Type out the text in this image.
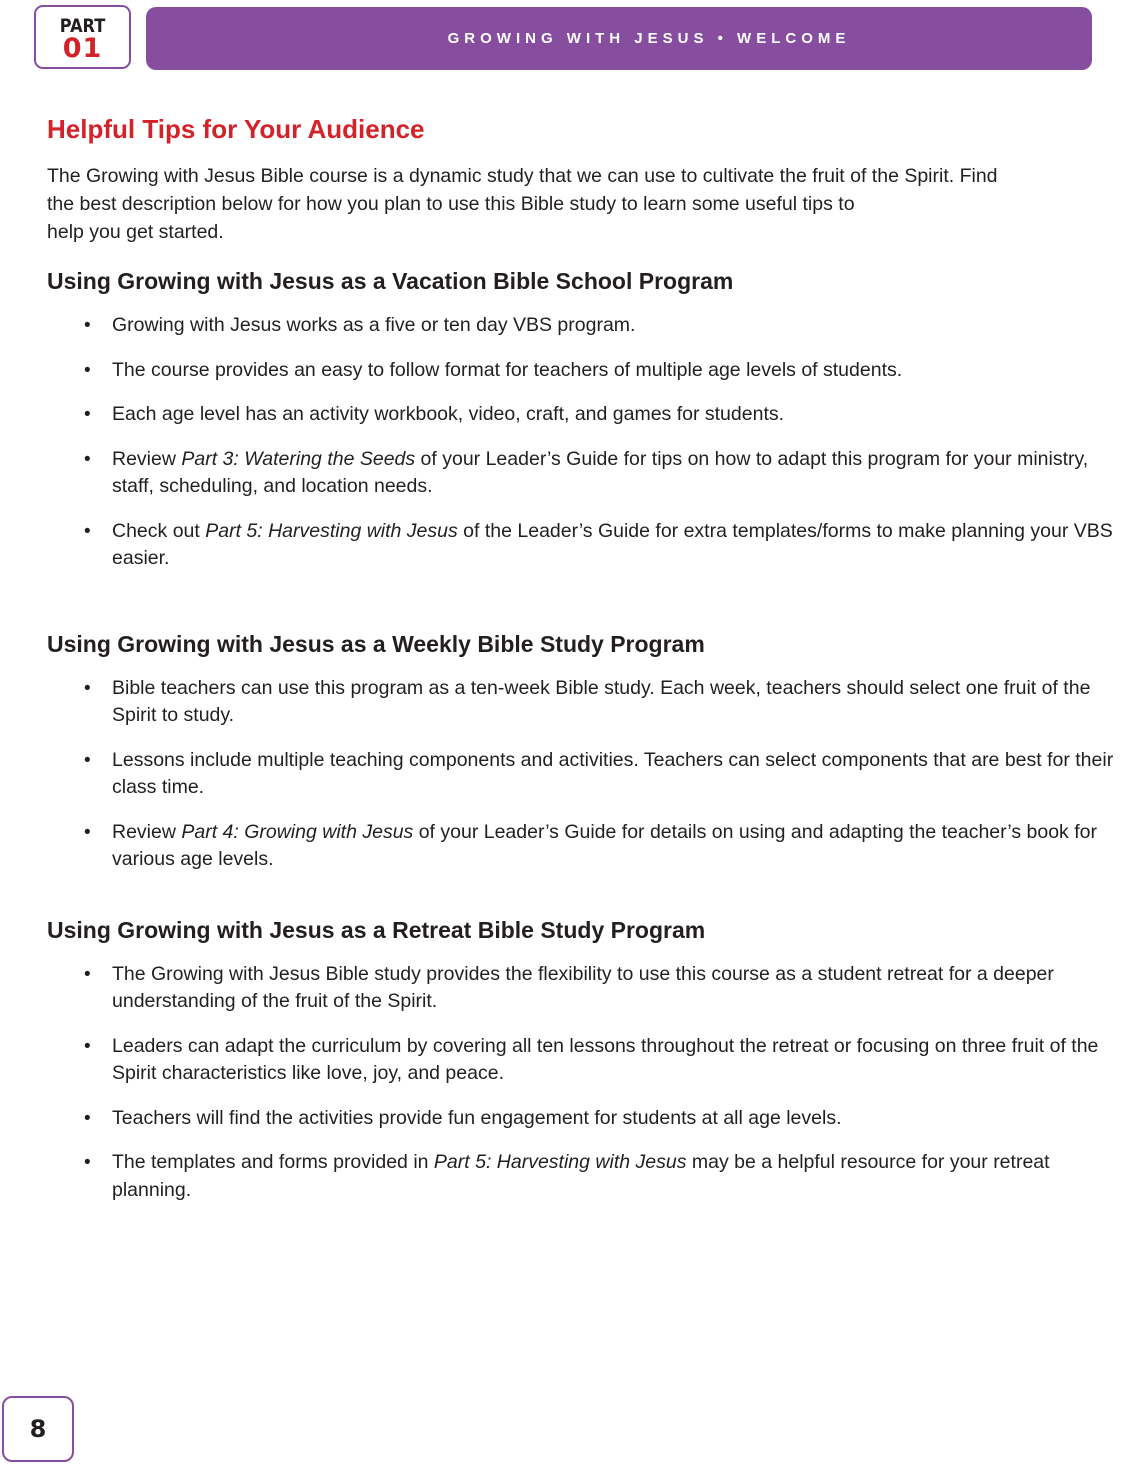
PART
01	GROWING WITH JESUS • WELCOME
Helpful Tips for Your Audience

The Growing with Jesus Bible course is a dynamic study that we can use to cultivate the fruit of the Spirit. Find
the best description below for how you plan to use this Bible study to learn some useful tips to
help you get started.

Using Growing with Jesus as a Vacation Bible School Program
• Growing with Jesus works as a five or ten day VBS program.
• The course provides an easy to follow format for teachers of multiple age levels of students.
• Each age level has an activity workbook, video, craft, and games for students.
• Review Part 3: Watering the Seeds of your Leader’s Guide for tips on how to adapt this program for your ministry, staff, scheduling, and location needs.
• Check out Part 5: Harvesting with Jesus of the Leader’s Guide for extra templates/forms to make planning your VBS easier.
Using Growing with Jesus as a Weekly Bible Study Program
• Bible teachers can use this program as a ten-week Bible study. Each week, teachers should select one fruit of the Spirit to study.
• Lessons include multiple teaching components and activities. Teachers can select components that are best for their class time.
• Review Part 4: Growing with Jesus of your Leader’s Guide for details on using and adapting the teacher’s book for various age levels.
Using Growing with Jesus as a Retreat Bible Study Program
• The Growing with Jesus Bible study provides the flexibility to use this course as a student retreat for a deeper understanding of the fruit of the Spirit.
• Leaders can adapt the curriculum by covering all ten lessons throughout the retreat or focusing on three fruit of the Spirit characteristics like love, joy, and peace.
• Teachers will find the activities provide fun engagement for students at all age levels.
• The templates and forms provided in Part 5: Harvesting with Jesus may be a helpful resource for your retreat planning.
8
